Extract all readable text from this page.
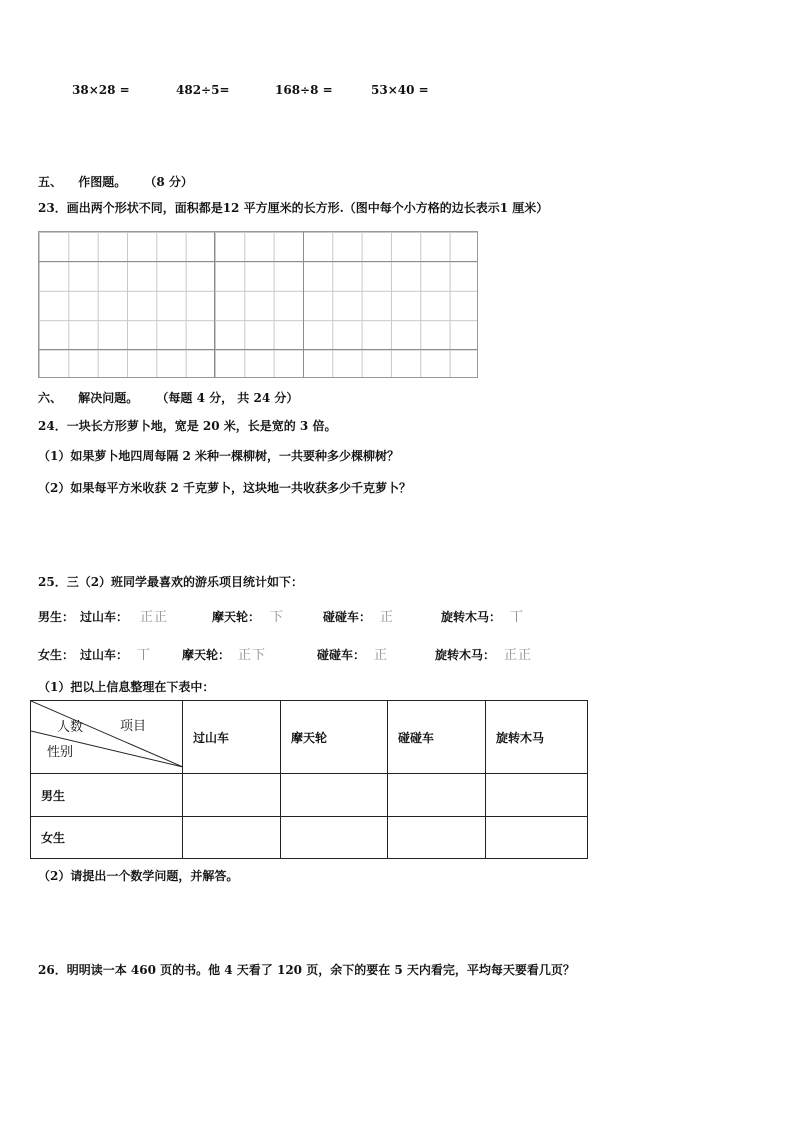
38×28 =	482÷5=	168÷8 =	53×40 =
五、 作图题。 （8 分）
23．画出两个形状不同，面积都是12 平方厘米的长方形.（图中每个小方格的边长表示1 厘米）
六、 解决问题。 （每题 4 分， 共 24 分）
24．一块长方形萝卜地，宽是 20 米，长是宽的 3 倍。
（1）如果萝卜地四周每隔 2 米种一棵柳树，一共要种多少棵柳树？
（2）如果每平方米收获 2 千克萝卜，这块地一共收获多少千克萝卜？
25．三（2）班同学最喜欢的游乐项目统计如下：
男生： 过山车： 正正	摩天轮： 下	碰碰车： 正	旋转木马： 丅
女生： 过山车： 丅	摩天轮： 正下	碰碰车： 正	旋转木马： 正正
（1）把以上信息整理在下表中：
人数 项目
性别	过山车	摩天轮	碰碰车	旋转木马
男生				
女生				
（2）请提出一个数学问题，并解答。
26．明明读一本 460 页的书。他 4 天看了 120 页，余下的要在 5 天内看完，平均每天要看几页？
